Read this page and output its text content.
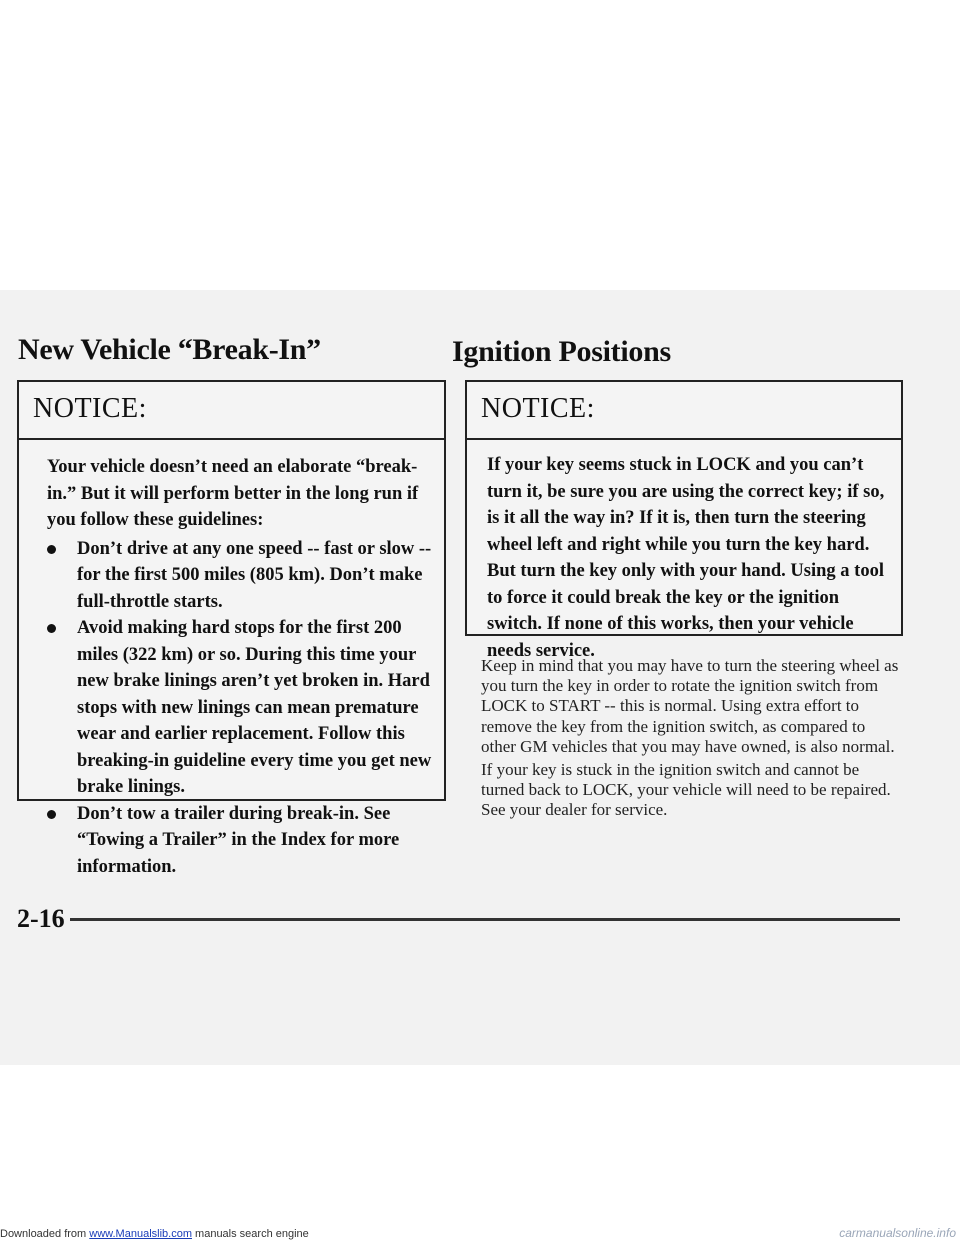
New Vehicle “Break-In”
NOTICE:
Your vehicle doesn’t need an elaborate “break-in.” But it will perform better in the long run if you follow these guidelines:
Don’t drive at any one speed -- fast or slow -- for the first 500 miles (805 km). Don’t make full-throttle starts.
Avoid making hard stops for the first 200 miles (322 km) or so. During this time your new brake linings aren’t yet broken in. Hard stops with new linings can mean premature wear and earlier replacement. Follow this breaking-in guideline every time you get new brake linings.
Don’t tow a trailer during break-in. See “Towing a Trailer” in the Index for more information.
Ignition Positions
NOTICE:
If your key seems stuck in LOCK and you can’t turn it, be sure you are using the correct key; if so, is it all the way in? If it is, then turn the steering wheel left and right while you turn the key hard. But turn the key only with your hand. Using a tool to force it could break the key or the ignition switch. If none of this works, then your vehicle needs service.

Keep in mind that you may have to turn the steering wheel as you turn the key in order to rotate the ignition switch from LOCK to START -- this is normal. Using extra effort to remove the key from the ignition switch, as compared to other GM vehicles that you may have owned, is also normal.

If your key is stuck in the ignition switch and cannot be turned back to LOCK, your vehicle will need to be repaired. See your dealer for service.

2-16

Downloaded from www.Manualslib.com manuals search engine	carmanualsonline.info
